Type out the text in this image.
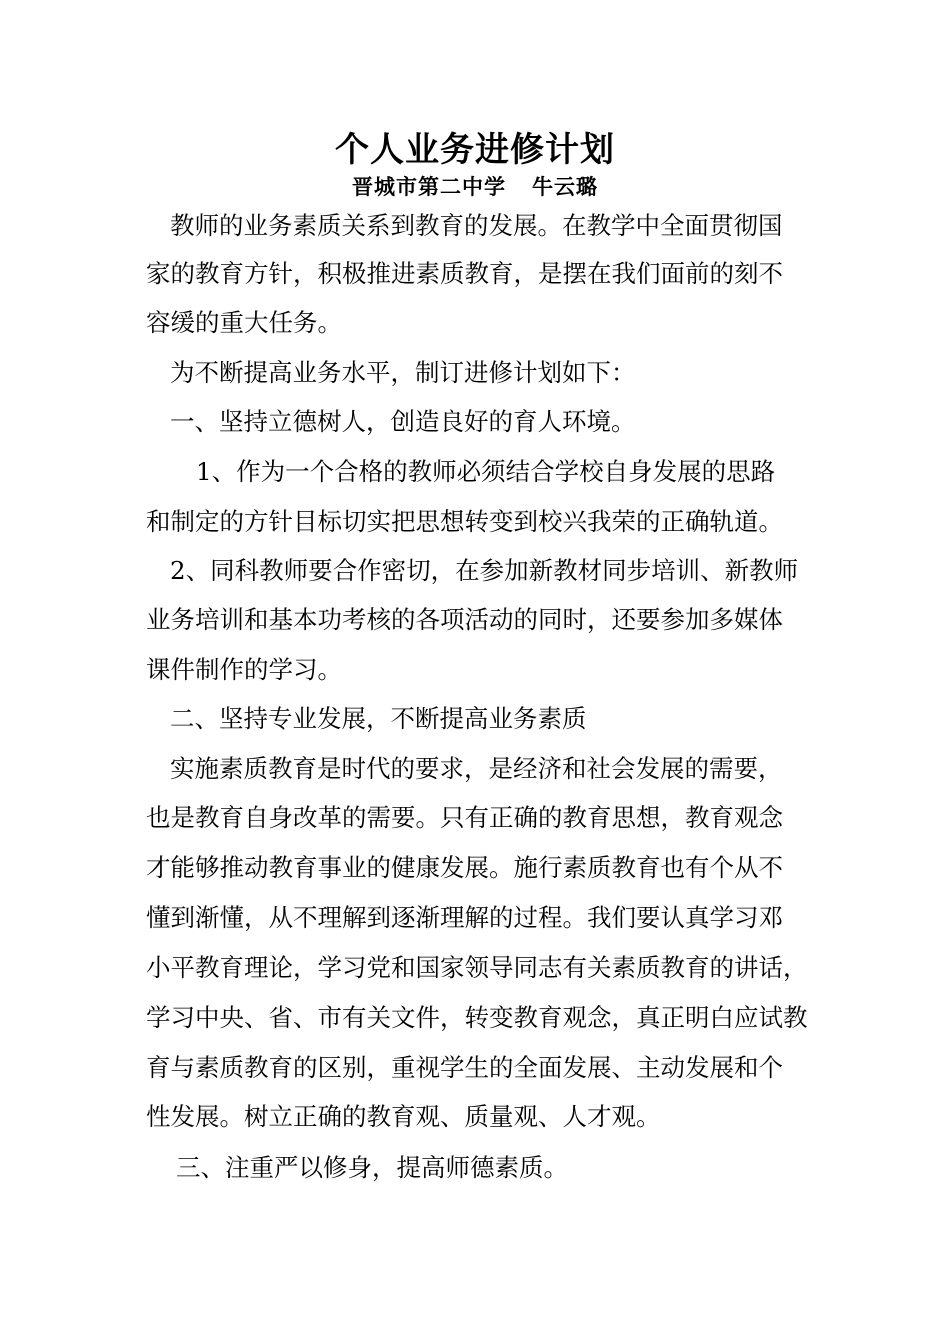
个人业务进修计划
晋城市第二中学 牛云璐
教师的业务素质关系到教育的发展。在教学中全面贯彻国
家的教育方针，积极推进素质教育，是摆在我们面前的刻不
容缓的重大任务。
为不断提高业务水平，制订进修计划如下：
一、坚持立德树人，创造良好的育人环境。
1、作为一个合格的教师必须结合学校自身发展的思路
和制定的方针目标切实把思想转变到校兴我荣的正确轨道。
2、同科教师要合作密切，在参加新教材同步培训、新教师
业务培训和基本功考核的各项活动的同时，还要参加多媒体
课件制作的学习。
二、坚持专业发展，不断提高业务素质
实施素质教育是时代的要求，是经济和社会发展的需要，
也是教育自身改革的需要。只有正确的教育思想，教育观念
才能够推动教育事业的健康发展。施行素质教育也有个从不
懂到渐懂，从不理解到逐渐理解的过程。我们要认真学习邓
小平教育理论，学习党和国家领导同志有关素质教育的讲话，
学习中央、省、市有关文件，转变教育观念，真正明白应试教
育与素质教育的区别，重视学生的全面发展、主动发展和个
性发展。树立正确的教育观、质量观、人才观。
三、注重严以修身，提高师德素质。
